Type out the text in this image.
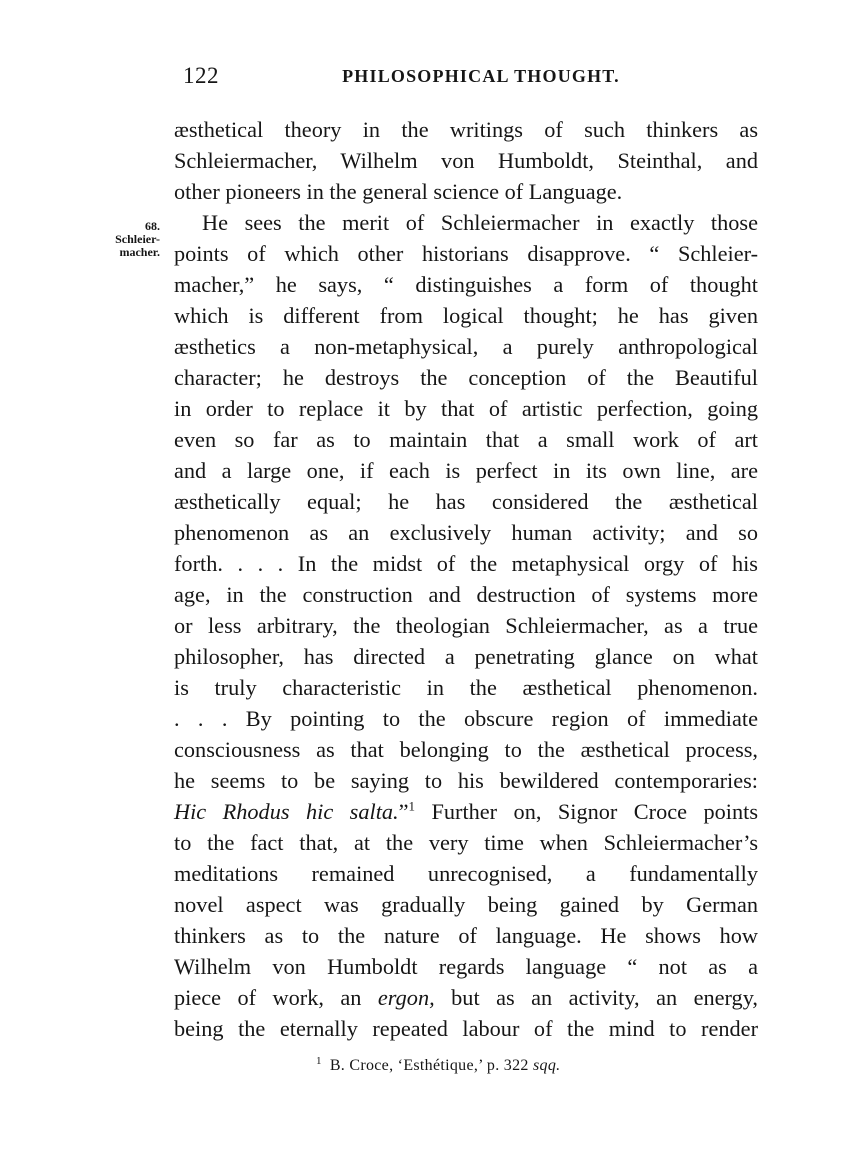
122	PHILOSOPHICAL THOUGHT.
68.
Schleier-
macher.
æsthetical theory in the writings of such thinkers as
Schleiermacher, Wilhelm von Humboldt, Steinthal, and
other pioneers in the general science of Language.
He sees the merit of Schleiermacher in exactly those
points of which other historians disapprove. “ Schleier-
macher,” he says, “ distinguishes a form of thought
which is different from logical thought; he has given
æsthetics a non-metaphysical, a purely anthropological
character; he destroys the conception of the Beautiful
in order to replace it by that of artistic perfection, going
even so far as to maintain that a small work of art
and a large one, if each is perfect in its own line, are
æsthetically equal; he has considered the æsthetical
phenomenon as an exclusively human activity; and so
forth. . . . In the midst of the metaphysical orgy of his
age, in the construction and destruction of systems more
or less arbitrary, the theologian Schleiermacher, as a true
philosopher, has directed a penetrating glance on what
is truly characteristic in the æsthetical phenomenon.
. . . By pointing to the obscure region of immediate
consciousness as that belonging to the æsthetical process,
he seems to be saying to his bewildered contemporaries:
Hic Rhodus hic salta.”$^1$ Further on, Signor Croce points
to the fact that, at the very time when Schleiermacher’s
meditations remained unrecognised, a fundamentally
novel aspect was gradually being gained by German
thinkers as to the nature of language. He shows how
Wilhelm von Humboldt regards language “ not as a
piece of work, an ergon, but as an activity, an energy,
being the eternally repeated labour of the mind to render
$^1$ B. Croce, ‘Esthétique,’ p. 322 sqq.
